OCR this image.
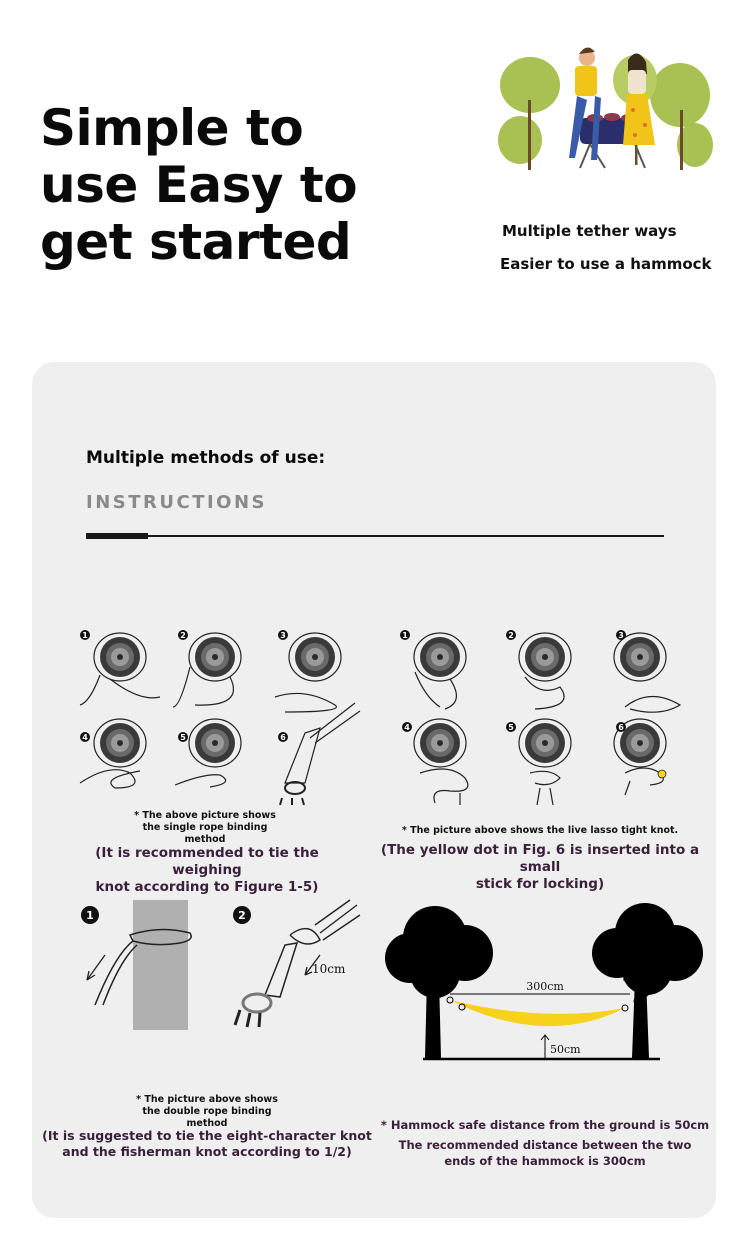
Simple to
use Easy to
get started	Multiple tether ways
Easier to use a hammock
Multiple methods of use:
INSTRUCTIONS
1	2	3
4	5	6
* The above picture shows
the single rope binding
method
(It is recommended to tie the weighing
knot according to Figure 1-5)
1	2	3
4	5	6
* The picture above shows the live lasso tight knot.
(The yellow dot in Fig. 6 is inserted into a small
stick for locking)
1	2
10cm
* The picture above shows
the double rope binding
method
(It is suggested to tie the eight-character knot
and the fisherman knot according to 1/2)
300cm
50cm
* Hammock safe distance from the ground is 50cm
The recommended distance between the two
ends of the hammock is 300cm
